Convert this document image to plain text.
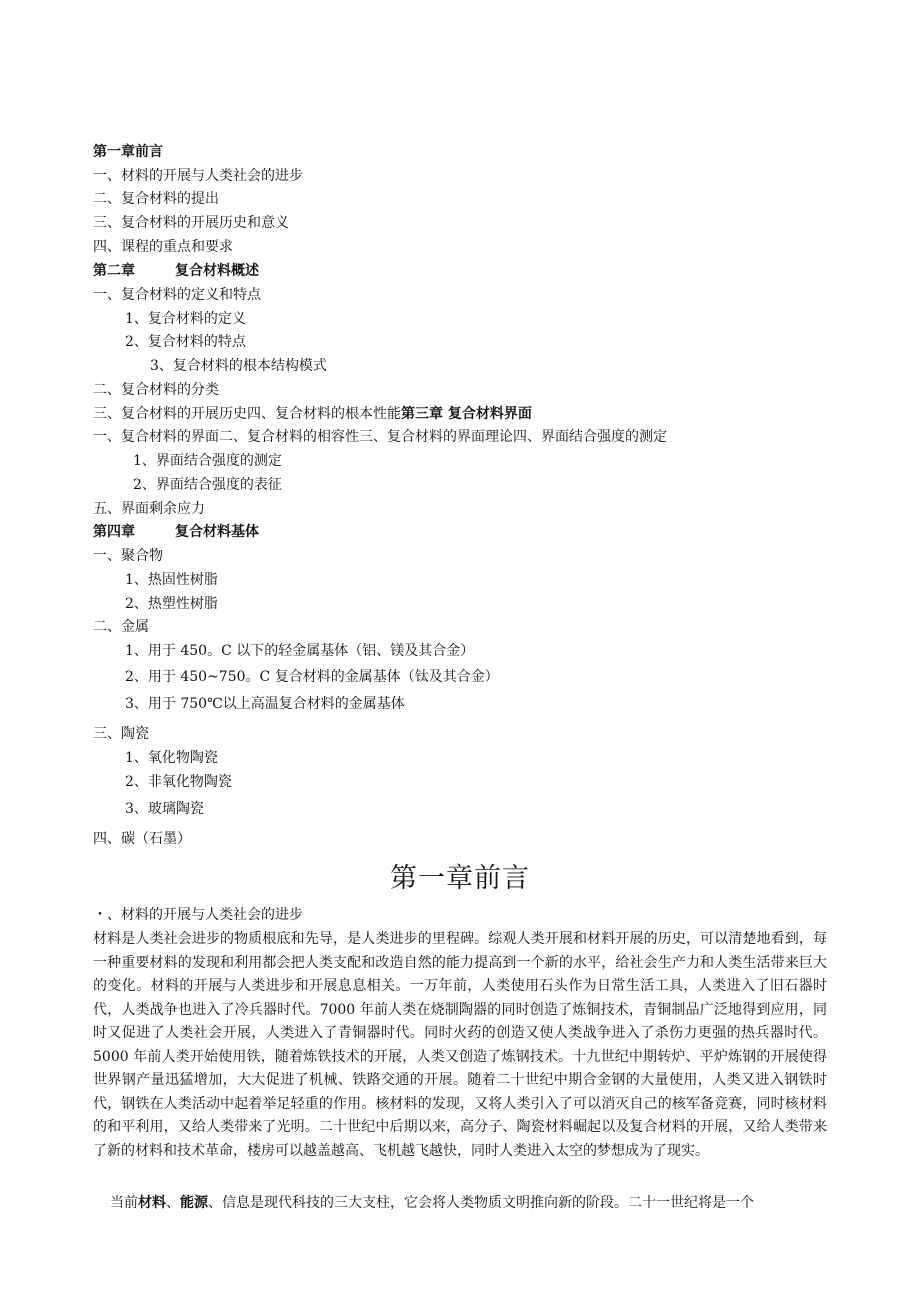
第一章前言
一、材料的开展与人类社会的进步
二、复合材料的提出
三、复合材料的开展历史和意义
四、课程的重点和要求
第二章	复合材料概述
一、复合材料的定义和特点
1、复合材料的定义
2、复合材料的特点
3、复合材料的根本结构模式
二、复合材料的分类
三、复合材料的开展历史四、复合材料的根本性能第三章 复合材料界面
一、复合材料的界面二、复合材料的相容性三、复合材料的界面理论四、界面结合强度的测定
1、界面结合强度的测定
2、界面结合强度的表征
五、界面剩余应力
第四章	复合材料基体
一、聚合物
1、热固性树脂
2、热塑性树脂
二、金属
1、用于 450。C 以下的轻金属基体（铝、镁及其合金）
2、用于 450~750。C 复合材料的金属基体（钛及其合金）
3、用于 750℃以上高温复合材料的金属基体
三、陶瓷
1、氧化物陶瓷
2、非氧化物陶瓷
3、玻璃陶瓷
四、碳（石墨）
第一章前言
・、材料的开展与人类社会的进步
材料是人类社会进步的物质根底和先导，是人类进步的里程碑。综观人类开展和材料开展的历史，可以清楚地看到，每一种重要材料的发现和利用都会把人类支配和改造自然的能力提高到一个新的水平，给社会生产力和人类生活带来巨大的变化。材料的开展与人类进步和开展息息相关。一万年前，人类使用石头作为日常生活工具，人类进入了旧石器时代，人类战争也进入了冷兵器时代。7000 年前人类在烧制陶器的同时创造了炼铜技术，青铜制品广泛地得到应用，同时又促进了人类社会开展，人类进入了青铜器时代。同时火药的创造又使人类战争进入了杀伤力更强的热兵器时代。5000 年前人类开始使用铁，随着炼铁技术的开展，人类又创造了炼钢技术。十九世纪中期转炉、平炉炼钢的开展使得世界钢产量迅猛增加，大大促进了机械、铁路交通的开展。随着二十世纪中期合金钢的大量使用，人类又进入钢铁时代，钢铁在人类活动中起着举足轻重的作用。核材料的发现，又将人类引入了可以消灭自己的核军备竞赛，同时核材料的和平利用，又给人类带来了光明。二十世纪中后期以来，高分子、陶瓷材料崛起以及复合材料的开展，又给人类带来了新的材料和技术革命，楼房可以越盖越高、飞机越飞越快，同时人类进入太空的梦想成为了现实。
当前材料、能源、信息是现代科技的三大支柱，它会将人类物质文明推向新的阶段。二十一世纪将是一个
